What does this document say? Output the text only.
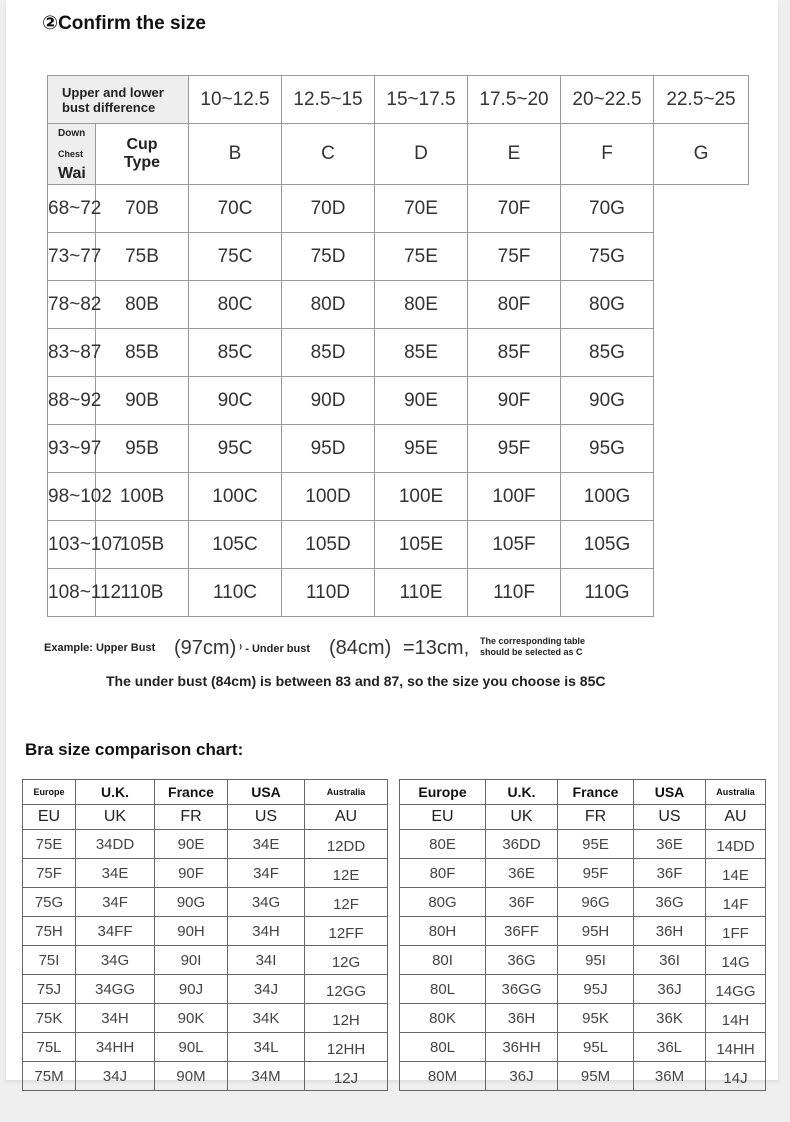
②Confirm the size
Upper and lower
bust difference		10~12.5	12.5~15	15~17.5	17.5~20	20~22.5	22.5~25

Down
Chest
Wai	Cup
Type	B	C	D	E	F	G
68~72	70B	70C	70D	70E	70F	70G	
73~77	75B	75C	75D	75E	75F	75G	
78~82	80B	80C	80D	80E	80F	80G	
83~87	85B	85C	85D	85E	85F	85G	
88~92	90B	90C	90D	90E	90F	90G	
93~97	95B	95C	95D	95E	95F	95G	
98~102	100B	100C	100D	100E	100F	100G	
103~107	105B	105C	105D	105E	105F	105G	
108~112	110B	110C	110D	110E	110F	110G	
Example: Upper Bust (97cm) ⁾ - Under bust (84cm) =13cm, The corresponding table
should be selected as C
The under bust (84cm) is between 83 and 87, so the size you choose is 85C
Bra size comparison chart:
Europe	U.K.	France	USA	Australia
EU	UK	FR	US	AU
75E	34DD	90E	34E	12DD
75F	34E	90F	34F	12E
75G	34F	90G	34G	12F
75H	34FF	90H	34H	12FF
75I	34G	90I	34I	12G
75J	34GG	90J	34J	12GG
75K	34H	90K	34K	12H
75L	34HH	90L	34L	12HH
75M	34J	90M	34M	12J
Europe	U.K.	France	USA	Australia
EU	UK	FR	US	AU
80E	36DD	95E	36E	14DD
80F	36E	95F	36F	14E
80G	36F	96G	36G	14F
80H	36FF	95H	36H	1FF
80I	36G	95I	36I	14G
80L	36GG	95J	36J	14GG
80K	36H	95K	36K	14H
80L	36HH	95L	36L	14HH
80M	36J	95M	36M	14J
